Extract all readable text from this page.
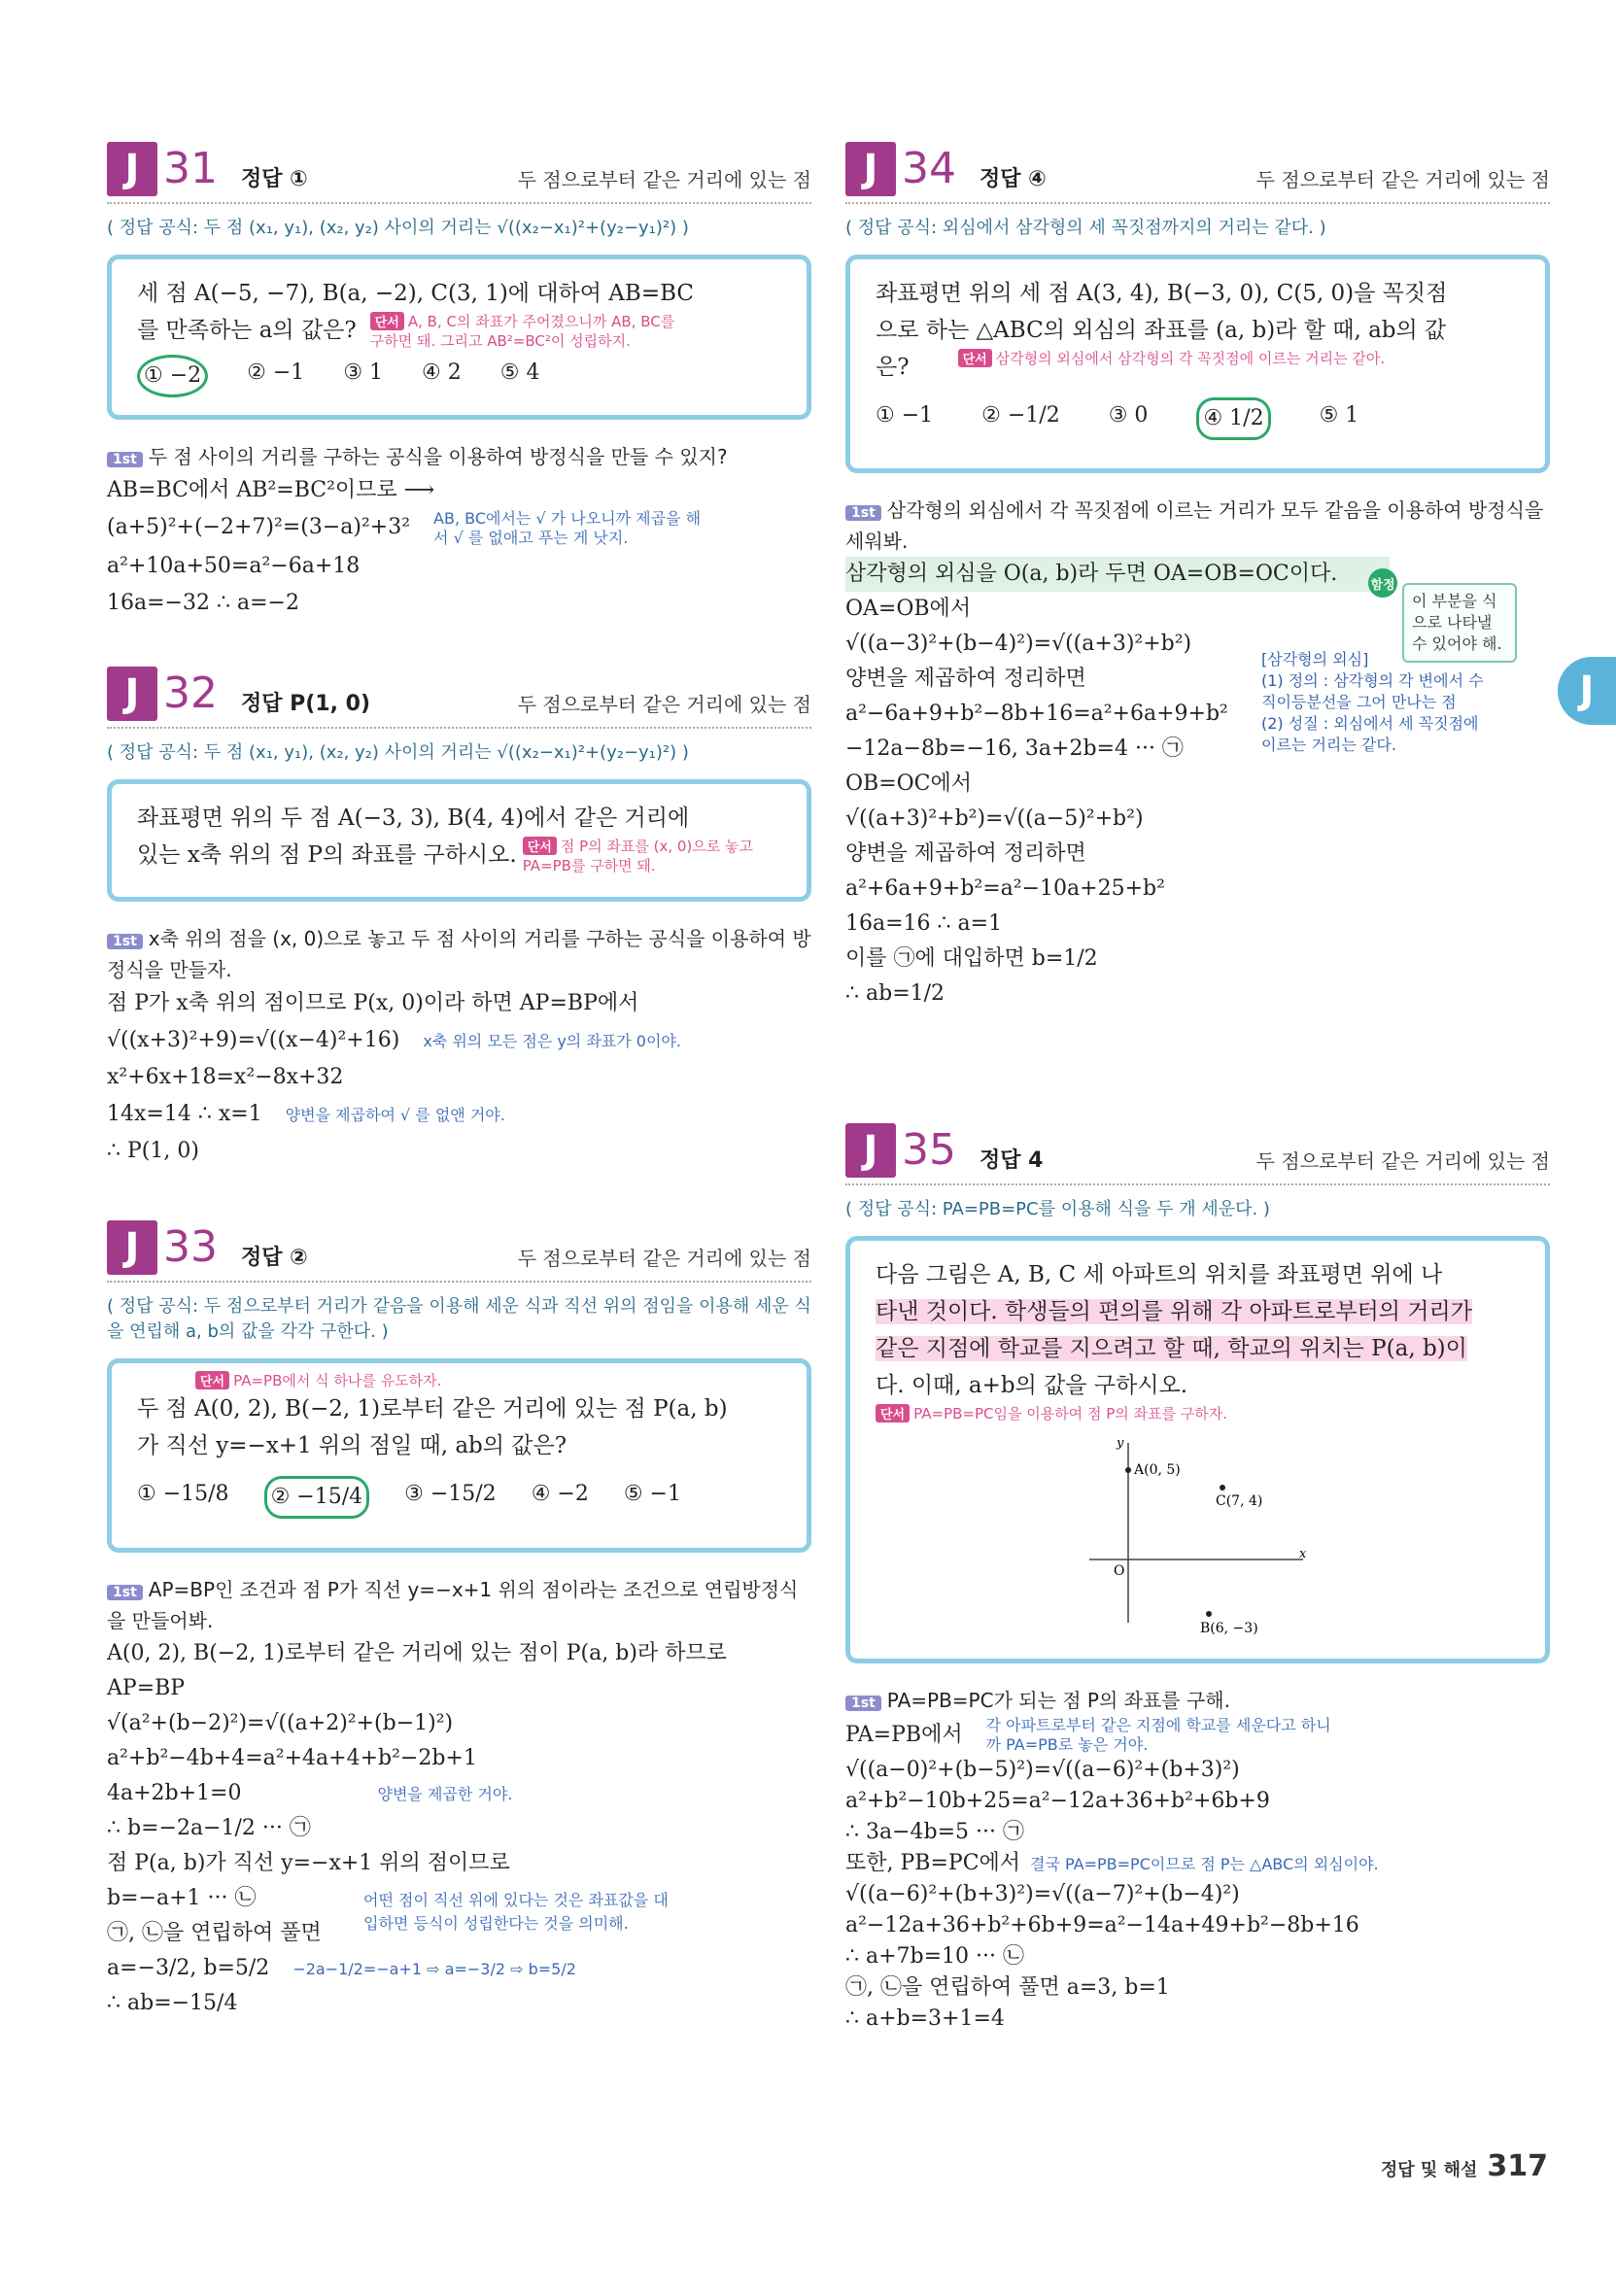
J 31 정답 ①	두 점으로부터 같은 거리에 있는 점
( 정답 공식: 두 점 (x₁, y₁), (x₂, y₂) 사이의 거리는 √((x₂−x₁)²+(y₂−y₁)²) )
세 점 A(−5, −7), B(a, −2), C(3, 1)에 대하여 AB=BC
를 만족하는 a의 값은?	단서 A, B, C의 좌표가 주어졌으니까 AB, BC를 구하면 돼. 그리고 AB²=BC²이 성립하지.
① −2	② −1 ③ 1 ④ 2 ⑤ 4
1st 두 점 사이의 거리를 구하는 공식을 이용하여 방정식을 만들 수 있지?
AB=BC에서 AB²=BC²이므로 ⟶
(a+5)²+(−2+7)²=(3−a)²+3² AB, BC에서는 √ 가 나오니까 제곱을 해서 √ 를 없애고 푸는 게 낫지.
a²+10a+50=a²−6a+18
16a=−32 ∴ a=−2
J 32 정답 P(1, 0)	두 점으로부터 같은 거리에 있는 점
( 정답 공식: 두 점 (x₁, y₁), (x₂, y₂) 사이의 거리는 √((x₂−x₁)²+(y₂−y₁)²) )
좌표평면 위의 두 점 A(−3, 3), B(4, 4)에서 같은 거리에
있는 x축 위의 점 P의 좌표를 구하시오. 단서 점 P의 좌표를 (x, 0)으로 놓고 PA=PB를 구하면 돼.
1st x축 위의 점을 (x, 0)으로 놓고 두 점 사이의 거리를 구하는 공식을 이용하여 방정식을 만들자.
점 P가 x축 위의 점이므로 P(x, 0)이라 하면 AP=BP에서
√((x+3)²+9)=√((x−4)²+16) x축 위의 모든 점은 y의 좌표가 0이야.
x²+6x+18=x²−8x+32
14x=14 ∴ x=1 양변을 제곱하여 √ 를 없앤 거야.
∴ P(1, 0)
J 33 정답 ②	두 점으로부터 같은 거리에 있는 점
( 정답 공식: 두 점으로부터 거리가 같음을 이용해 세운 식과 직선 위의 점임을 이용해 세운 식을 연립해 a, b의 값을 각각 구한다. )
단서 PA=PB에서 식 하나를 유도하자.
두 점 A(0, 2), B(−2, 1)로부터 같은 거리에 있는 점 P(a, b)
가 직선 y=−x+1 위의 점일 때, ab의 값은?
① −15/8	② −15/4	③ −15/2 ④ −2 ⑤ −1
1st AP=BP인 조건과 점 P가 직선 y=−x+1 위의 점이라는 조건으로 연립방정식을 만들어봐.
A(0, 2), B(−2, 1)로부터 같은 거리에 있는 점이 P(a, b)라 하므로
AP=BP
√(a²+(b−2)²)=√((a+2)²+(b−1)²)
a²+b²−4b+4=a²+4a+4+b²−2b+1
4a+2b+1=0	양변을 제곱한 거야.
∴ b=−2a−1/2 ··· ㉠
점 P(a, b)가 직선 y=−x+1 위의 점이므로
b=−a+1 ··· ㉡
㉠, ㉡을 연립하여 풀면
어떤 점이 직선 위에 있다는 것은 좌표값을 대입하면 등식이 성립한다는 것을 의미해.
a=−3/2, b=5/2 −2a−1/2=−a+1 ⇨ a=−3/2 ⇨ b=5/2
∴ ab=−15/4
J 34 정답 ④	두 점으로부터 같은 거리에 있는 점
( 정답 공식: 외심에서 삼각형의 세 꼭짓점까지의 거리는 같다. )
좌표평면 위의 세 점 A(3, 4), B(−3, 0), C(5, 0)을 꼭짓점
으로 하는 △ABC의 외심의 좌표를 (a, b)라 할 때, ab의 값
은?	단서 삼각형의 외심에서 삼각형의 각 꼭짓점에 이르는 거리는 같아.
① −1 ② −1/2 ③ 0	④ 1/2	⑤ 1
1st 삼각형의 외심에서 각 꼭짓점에 이르는 거리가 모두 같음을 이용하여 방정식을 세워봐.
삼각형의 외심을 O(a, b)라 두면 OA=OB=OC이다.
OA=OB에서
√((a−3)²+(b−4)²)=√((a+3)²+b²)
양변을 제곱하여 정리하면
a²−6a+9+b²−8b+16=a²+6a+9+b²
−12a−8b=−16, 3a+2b=4 ··· ㉠
OB=OC에서
√((a+3)²+b²)=√((a−5)²+b²)
양변을 제곱하여 정리하면
a²+6a+9+b²=a²−10a+25+b²
16a=16 ∴ a=1
이를 ㉠에 대입하면 b=1/2
∴ ab=1/2
함정
이 부분을 식으로 나타낼 수 있어야 해.
[삼각형의 외심]
(1) 정의 : 삼각형의 각 변에서 수직이등분선을 그어 만나는 점
(2) 성질 : 외심에서 세 꼭짓점에 이르는 거리는 같다.
J 35 정답 4	두 점으로부터 같은 거리에 있는 점
( 정답 공식: PA=PB=PC를 이용해 식을 두 개 세운다. )
다음 그림은 A, B, C 세 아파트의 위치를 좌표평면 위에 나
타낸 것이다. 학생들의 편의를 위해 각 아파트로부터의 거리가
같은 지점에 학교를 지으려고 할 때, 학교의 위치는 P(a, b)이
다. 이때, a+b의 값을 구하시오.
단서 PA=PB=PC임을 이용하여 점 P의 좌표를 구하자.
A(0, 5)
C(7, 4)
B(6, −3)
O
x
y
1st PA=PB=PC가 되는 점 P의 좌표를 구해.
PA=PB에서 각 아파트로부터 같은 지점에 학교를 세운다고 하니까 PA=PB로 놓은 거야.
√((a−0)²+(b−5)²)=√((a−6)²+(b+3)²)
a²+b²−10b+25=a²−12a+36+b²+6b+9
∴ 3a−4b=5 ··· ㉠
또한, PB=PC에서 결국 PA=PB=PC이므로 점 P는 △ABC의 외심이야.
√((a−6)²+(b+3)²)=√((a−7)²+(b−4)²)
a²−12a+36+b²+6b+9=a²−14a+49+b²−8b+16
∴ a+7b=10 ··· ㉡
㉠, ㉡을 연립하여 풀면 a=3, b=1
∴ a+b=3+1=4
J
정답 및 해설 317
